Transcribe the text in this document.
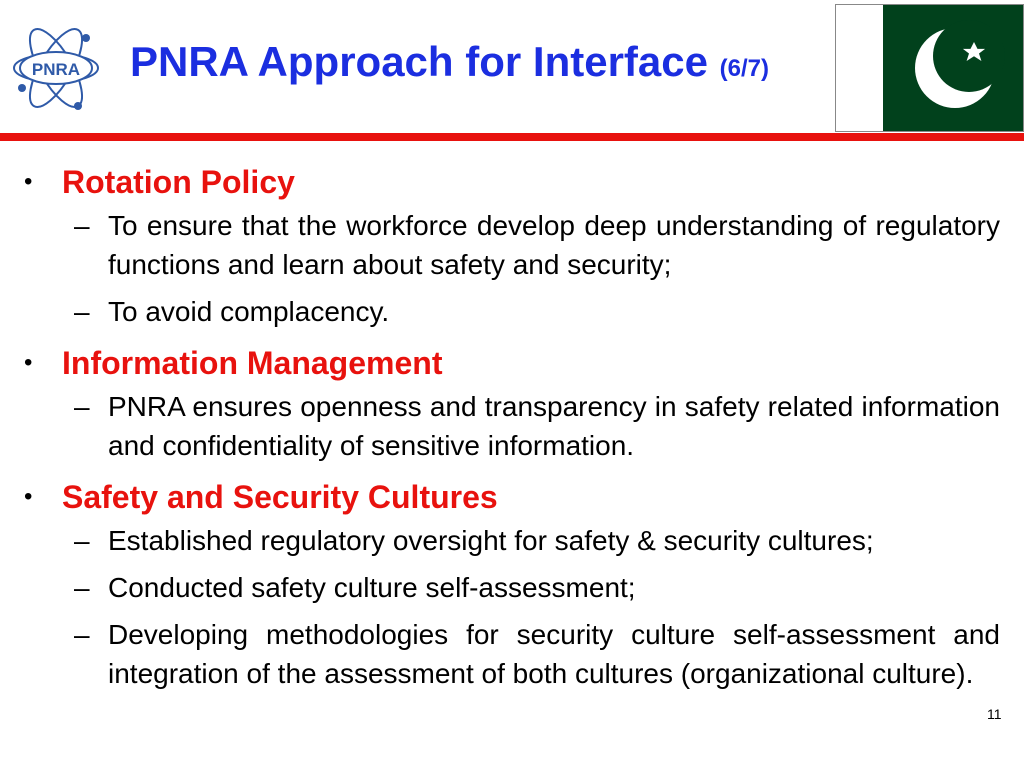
PNRA PNRA Approach for Interface (6/7)
• Rotation Policy
– To ensure that the workforce develop deep understanding of regulatory functions and learn about safety and security;
– To avoid complacency.
• Information Management
– PNRA ensures openness and transparency in safety related information and confidentiality of sensitive information.
• Safety and Security Cultures
– Established regulatory oversight for safety & security cultures;
– Conducted safety culture self-assessment;
– Developing methodologies for security culture self-assessment and integration of the assessment of both cultures (organizational culture).
11
